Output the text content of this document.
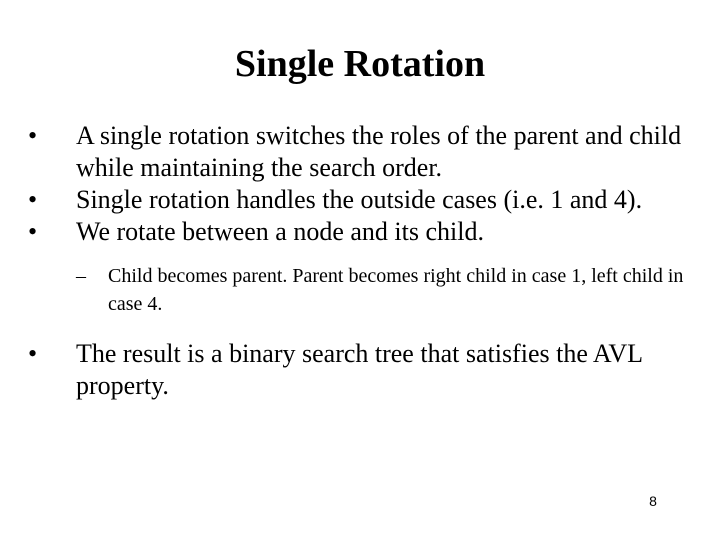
Single Rotation
•	A single rotation switches the roles of the parent and child while maintaining the search order.
•	Single rotation handles the outside cases (i.e. 1 and 4).
•	We rotate between a node and its child.
– Child becomes parent. Parent becomes right child in case 1, left child in case 4.
•	The result is a binary search tree that satisfies the AVL property.
8
